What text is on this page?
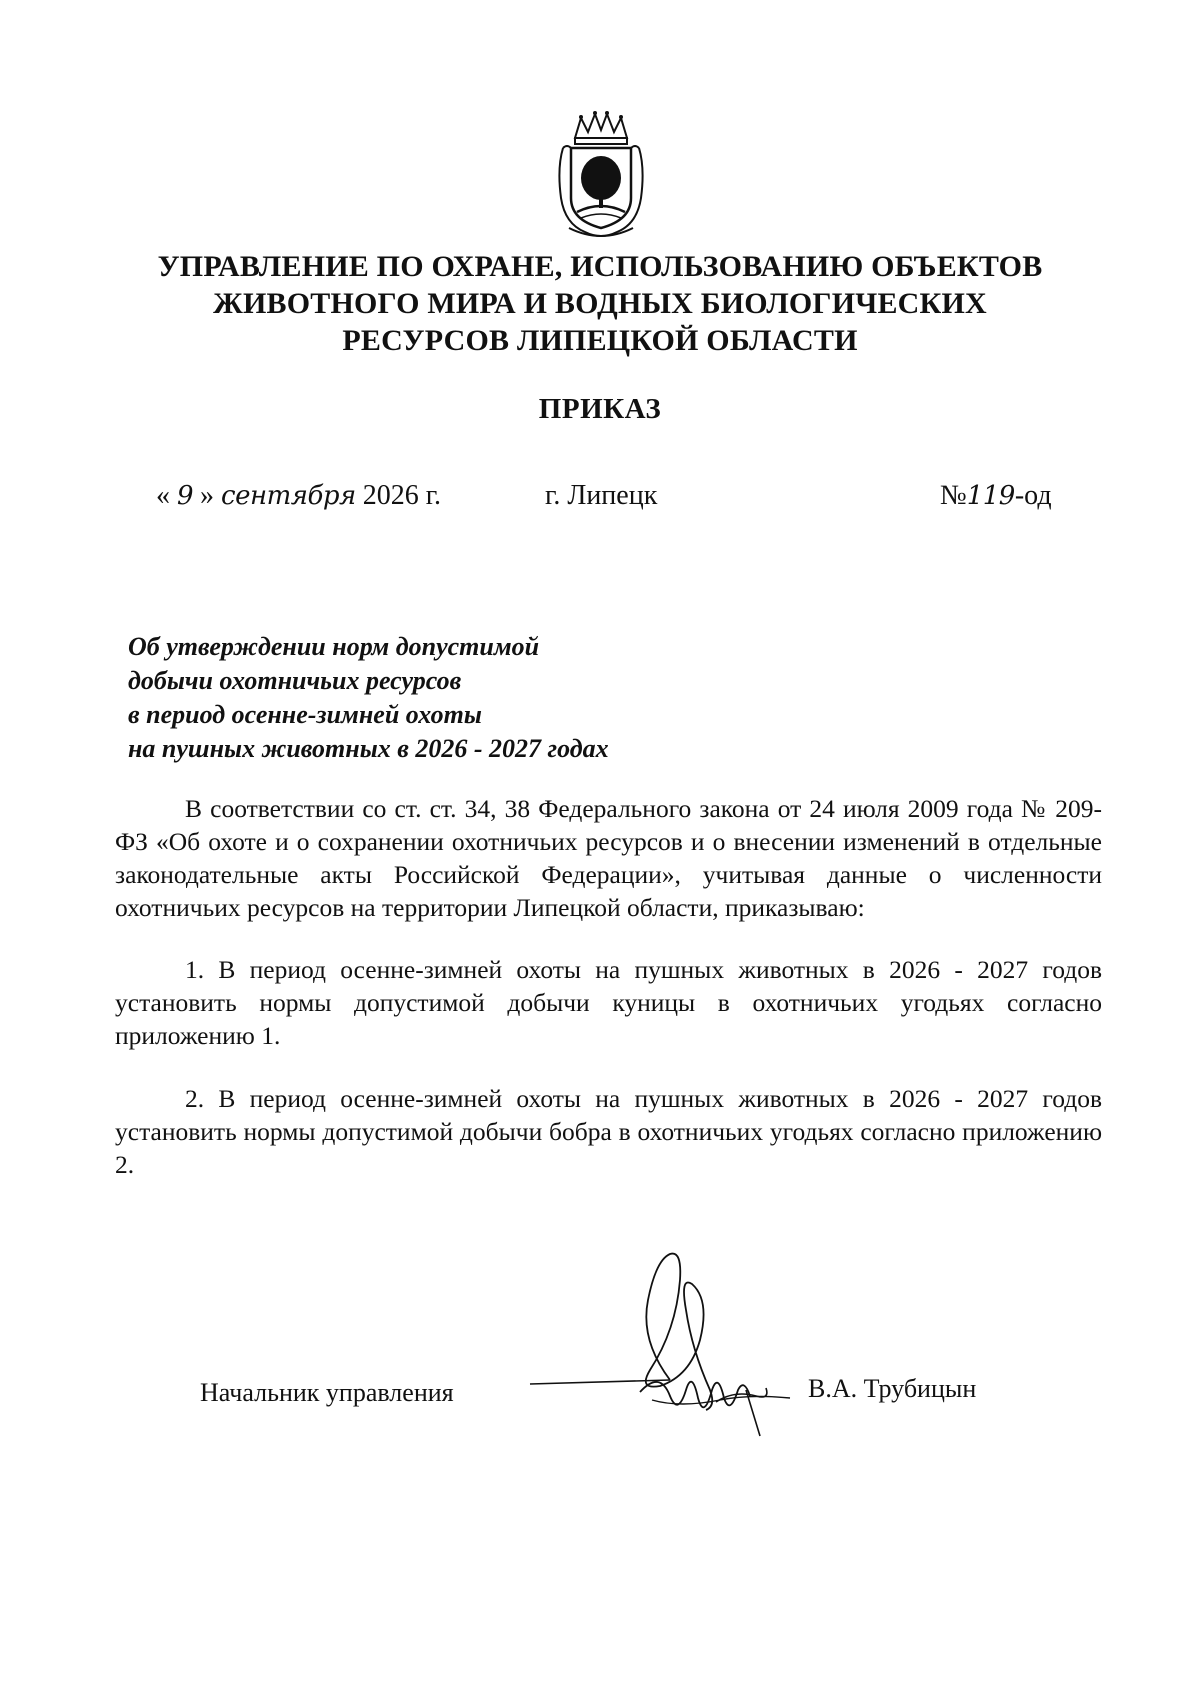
УПРАВЛЕНИЕ ПО ОХРАНЕ, ИСПОЛЬЗОВАНИЮ ОБЪЕКТОВ
ЖИВОТНОГО МИРА И ВОДНЫХ БИОЛОГИЧЕСКИХ
РЕСУРСОВ ЛИПЕЦКОЙ ОБЛАСТИ
ПРИКАЗ
« 9 » сентября 2026 г.	г. Липецк	№119-од
Об утверждении норм допустимой
добычи охотничьих ресурсов
в период осенне-зимней охоты
на пушных животных в 2026 - 2027 годах
В соответствии со ст. ст. 34, 38 Федерального закона от 24 июля 2009 года № 209-ФЗ «Об охоте и о сохранении охотничьих ресурсов и о внесении изменений в отдельные законодательные акты Российской Федерации», учитывая данные о численности охотничьих ресурсов на территории Липецкой области, приказываю:
1. В период осенне-зимней охоты на пушных животных в 2026 - 2027 годов установить нормы допустимой добычи куницы в охотничьих угодьях согласно приложению 1.
2. В период осенне-зимней охоты на пушных животных в 2026 - 2027 годов установить нормы допустимой добычи бобра в охотничьих угодьях согласно приложению 2.
Начальник управления	В.А. Трубицын
